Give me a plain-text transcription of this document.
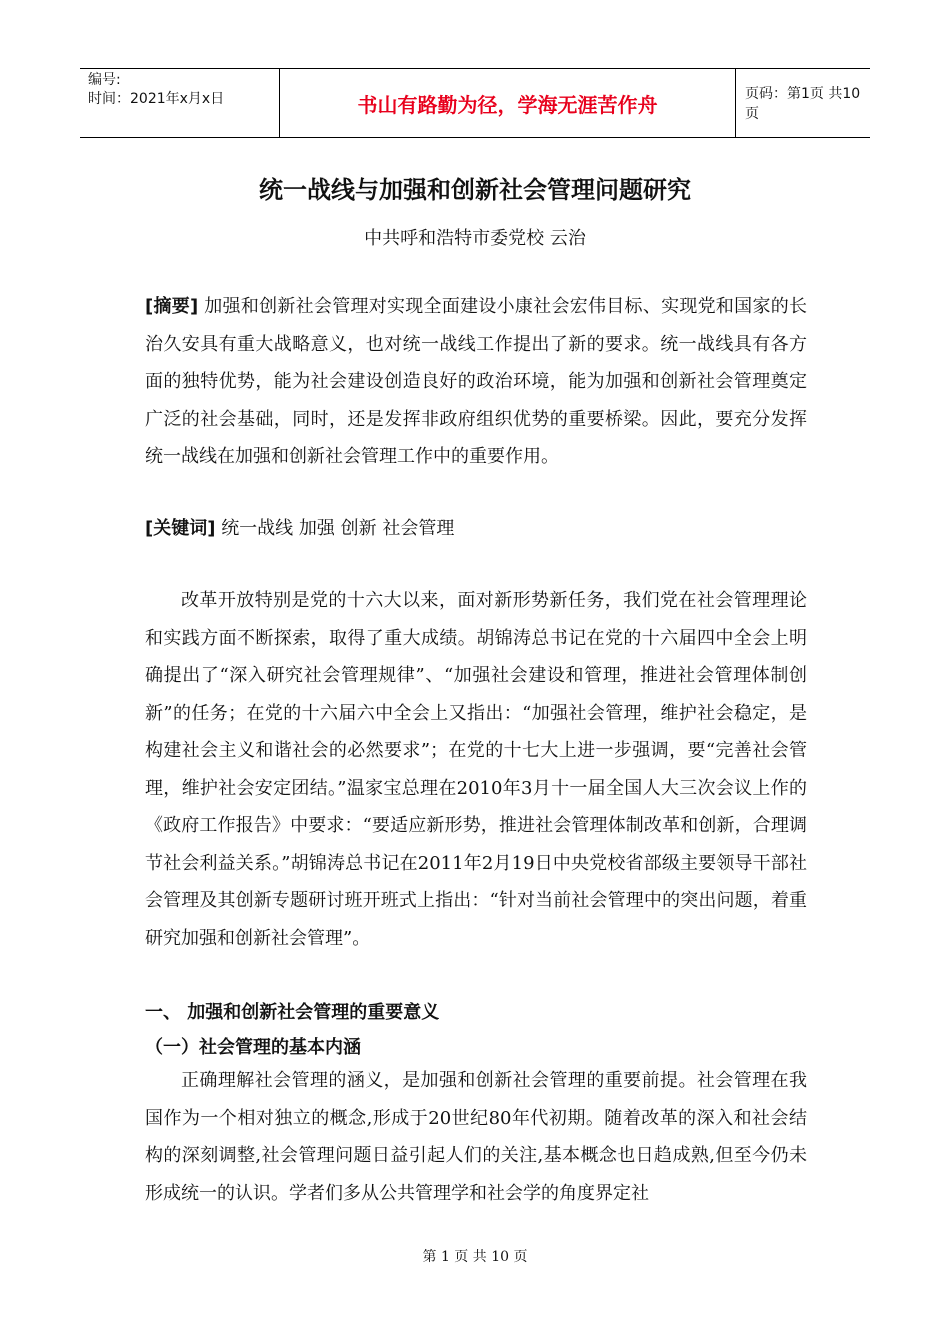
编号:
时间：2021年x月x日	书山有路勤为径，学海无涯苦作舟	页码：第1页 共10页
统一战线与加强和创新社会管理问题研究
中共呼和浩特市委党校 云治

[摘要] 加强和创新社会管理对实现全面建设小康社会宏伟目标、实现党和国家的长治久安具有重大战略意义，也对统一战线工作提出了新的要求。统一战线具有各方面的独特优势，能为社会建设创造良好的政治环境，能为加强和创新社会管理奠定广泛的社会基础，同时，还是发挥非政府组织优势的重要桥梁。因此，要充分发挥统一战线在加强和创新社会管理工作中的重要作用。

[关键词] 统一战线 加强 创新 社会管理

改革开放特别是党的十六大以来，面对新形势新任务，我们党在社会管理理论和实践方面不断探索，取得了重大成绩。胡锦涛总书记在党的十六届四中全会上明确提出了“深入研究社会管理规律”、“加强社会建设和管理，推进社会管理体制创新”的任务；在党的十六届六中全会上又指出：“加强社会管理，维护社会稳定，是构建社会主义和谐社会的必然要求”；在党的十七大上进一步强调，要“完善社会管理，维护社会安定团结。”温家宝总理在2010年3月十一届全国人大三次会议上作的《政府工作报告》中要求：“要适应新形势，推进社会管理体制改革和创新，合理调节社会利益关系。”胡锦涛总书记在2011年2月19日中央党校省部级主要领导干部社会管理及其创新专题研讨班开班式上指出：“针对当前社会管理中的突出问题，着重研究加强和创新社会管理”。

一、 加强和创新社会管理的重要意义
（一）社会管理的基本内涵

正确理解社会管理的涵义，是加强和创新社会管理的重要前提。社会管理在我国作为一个相对独立的概念,形成于20世纪80年代初期。随着改革的深入和社会结构的深刻调整,社会管理问题日益引起人们的关注,基本概念也日趋成熟,但至今仍未形成统一的认识。学者们多从公共管理学和社会学的角度界定社

第 1 页 共 10 页
